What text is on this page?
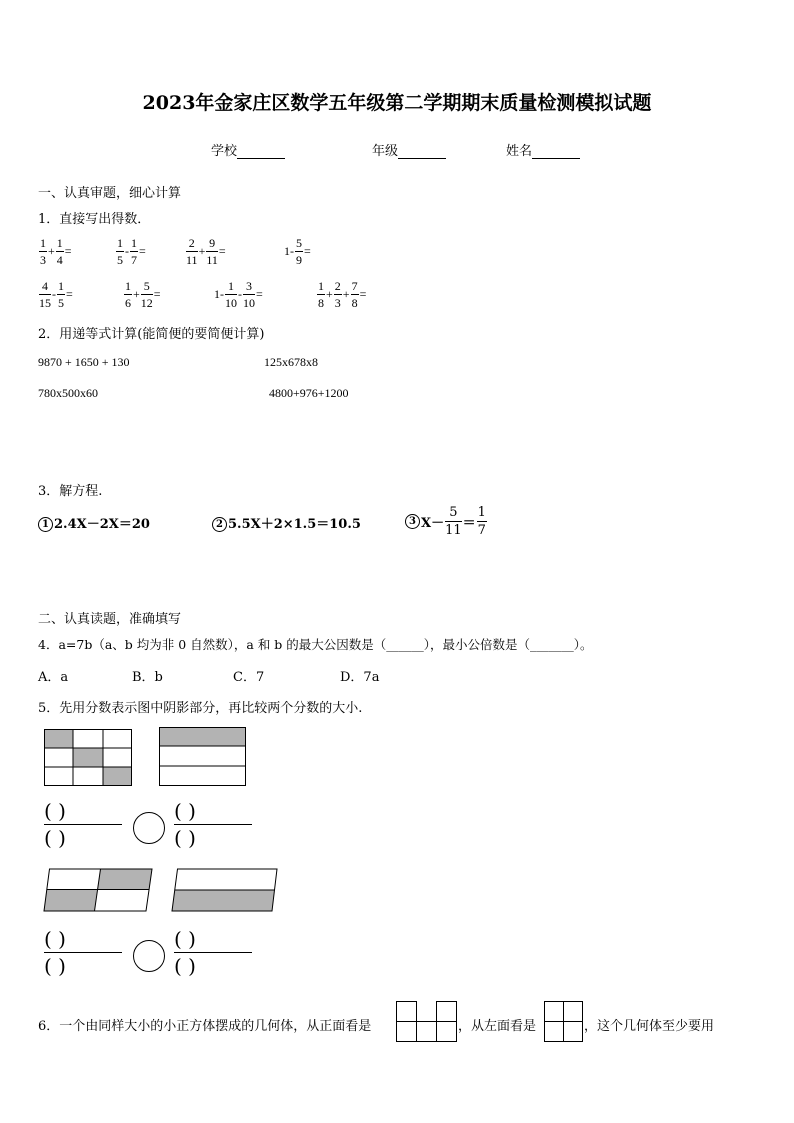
2023年金家庄区数学五年级第二学期期末质量检测模拟试题
学校	年级	姓名
一、认真审题，细心计算
1．直接写出得数．
$\frac{1}{3} + \frac{1}{4}$ =	$\frac{1}{5} - \frac{1}{7}$ =	$\frac{2}{11} + \frac{9}{11}$ =	$1- \frac{5}{9}$ =
$\frac{4}{15} - \frac{1}{5}$ =	$\frac{1}{6} + \frac{5}{12}$ =	$1- \frac{1}{10} - \frac{3}{10}$ =	$\frac{1}{8} + \frac{2}{3} + \frac{7}{8}$ =
2．用递等式计算(能简便的要简便计算)
9870 + 1650 + 130	125x678x8
780x500x60	4800+976+1200
3．解方程.
1 2.4X－2X＝20	2 5.5X＋2×1.5＝10.5	3 $X- \frac{5}{11} = \frac{1}{7}$
二、认真读题，准确填写
4．a=7b（a、b 均为非 0 自然数），a 和 b 的最大公因数是（______），最小公倍数是（_______）。
A．a	B．b	C．7	D．7a
5．先用分数表示图中阴影部分，再比较两个分数的大小.
( )
( )
( )
( )
( )
( )
( )
( )
6．一个由同样大小的小正方体摆成的几何体，从正面看是	，从左面看是	，这个几何体至少要用
